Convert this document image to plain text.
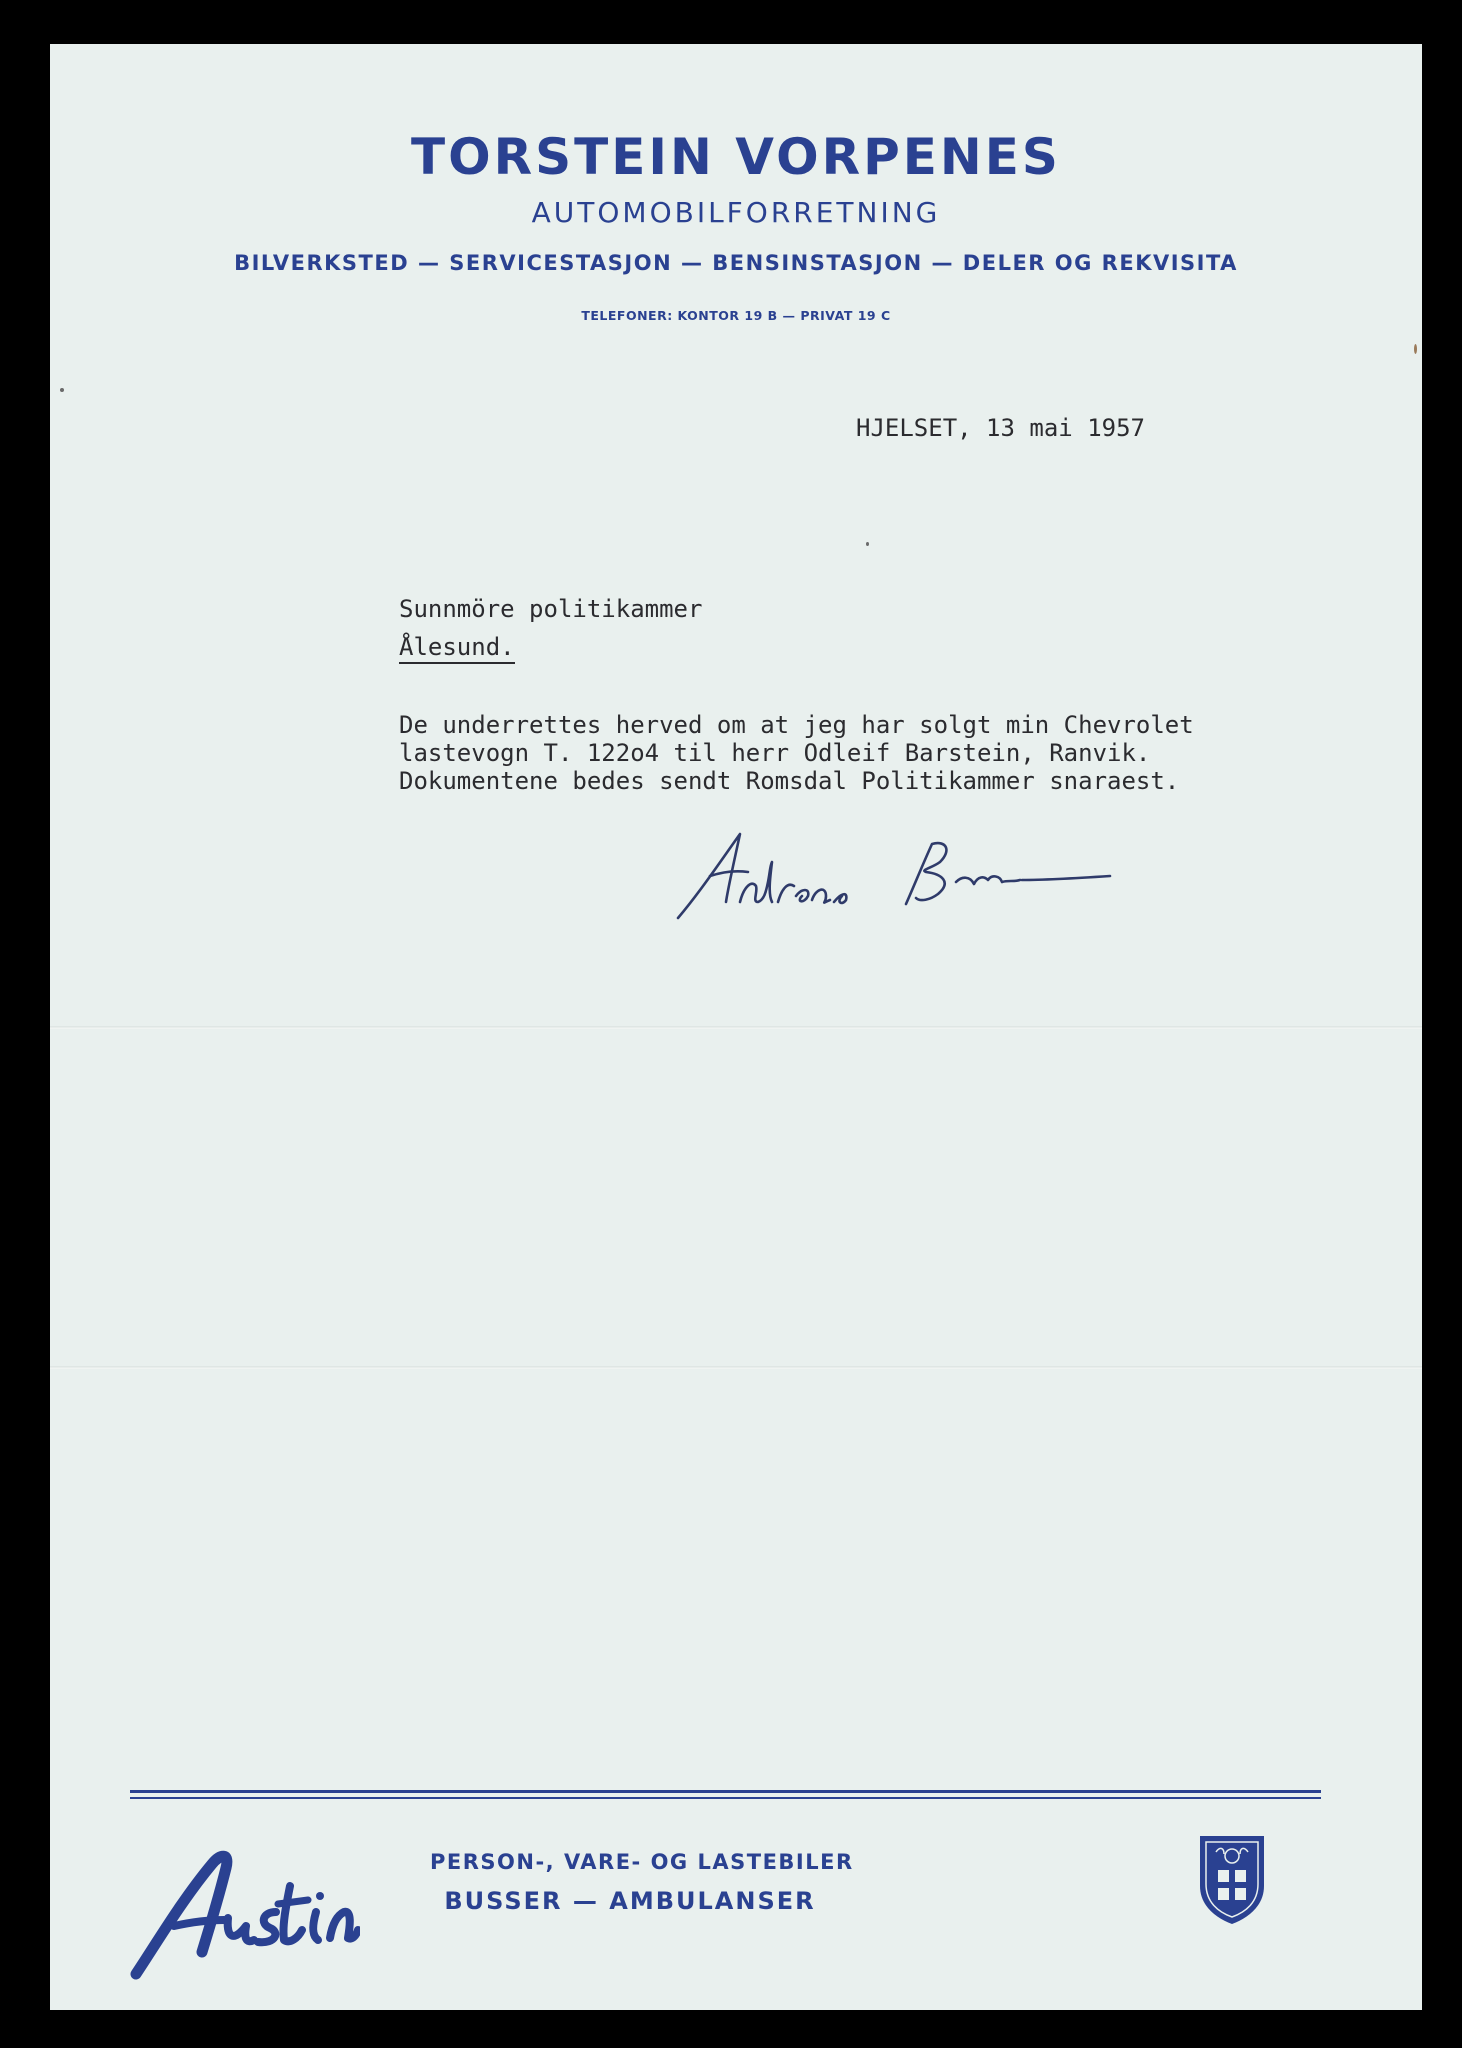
TORSTEIN VORPENES
AUTOMOBILFORRETNING
BILVERKSTED — SERVICESTASJON — BENSINSTASJON — DELER OG REKVISITA
TELEFONER: KONTOR 19 B — PRIVAT 19 C
HJELSET, 13 mai 1957
Sunnmöre politikammer
Ålesund.
De underrettes herved om at jeg har solgt min Chevrolet
lastevogn T. 122o4 til herr Odleif Barstein, Ranvik.
Dokumentene bedes sendt Romsdal Politikammer snaraest.
PERSON-, VARE- OG LASTEBILER
BUSSER — AMBULANSER
